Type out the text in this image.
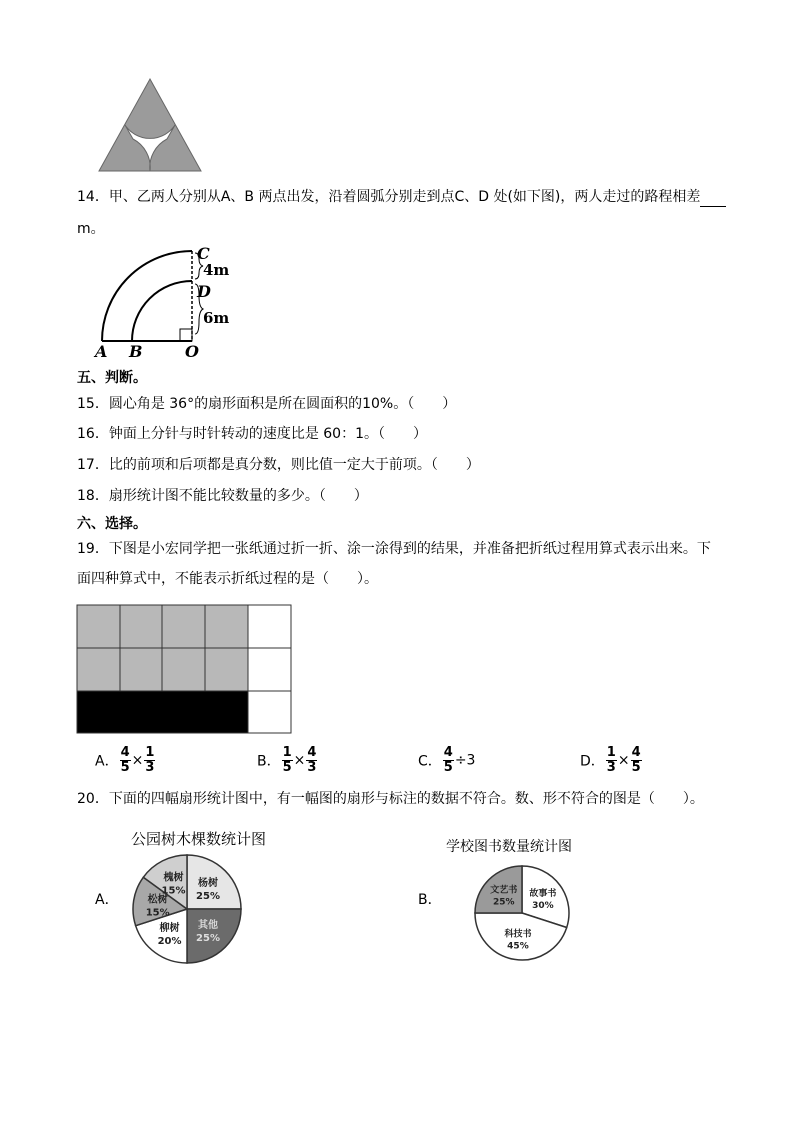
14．甲、乙两人分别从A、B 两点出发，沿着圆弧分别走到点C、D 处(如下图)，两人走过的路程相差
m。
C
4m
D
6m
A B	O
五、判断。
15．圆心角是 36°的扇形面积是所在圆面积的10%。（　　）
16．钟面上分针与时针转动的速度比是 60：1。（　　）
17．比的前项和后项都是真分数，则比值一定大于前项。（　　）
18．扇形统计图不能比较数量的多少。（　　）
六、选择。
19．下图是小宏同学把一张纸通过折一折、涂一涂得到的结果，并准备把折纸过程用算式表示出来。下
面四种算式中，不能表示折纸过程的是（　　）。
A． $\frac{4}{5} \times \frac{1}{3}$	B． $\frac{1}{5} \times \frac{4}{3}$	C． $\frac{4}{5} \div 3$	D． $\frac{1}{3} \times \frac{4}{5}$
20．下面的四幅扇形统计图中，有一幅图的扇形与标注的数据不符合。数、形不符合的图是（　　）。
公园树木棵数统计图
A．
杨树
25%
其他
25%
柳树
20%
松树
15%
槐树
15%
学校图书数量统计图
B．	故事书
30%
科技书
45%
文艺书
25%
